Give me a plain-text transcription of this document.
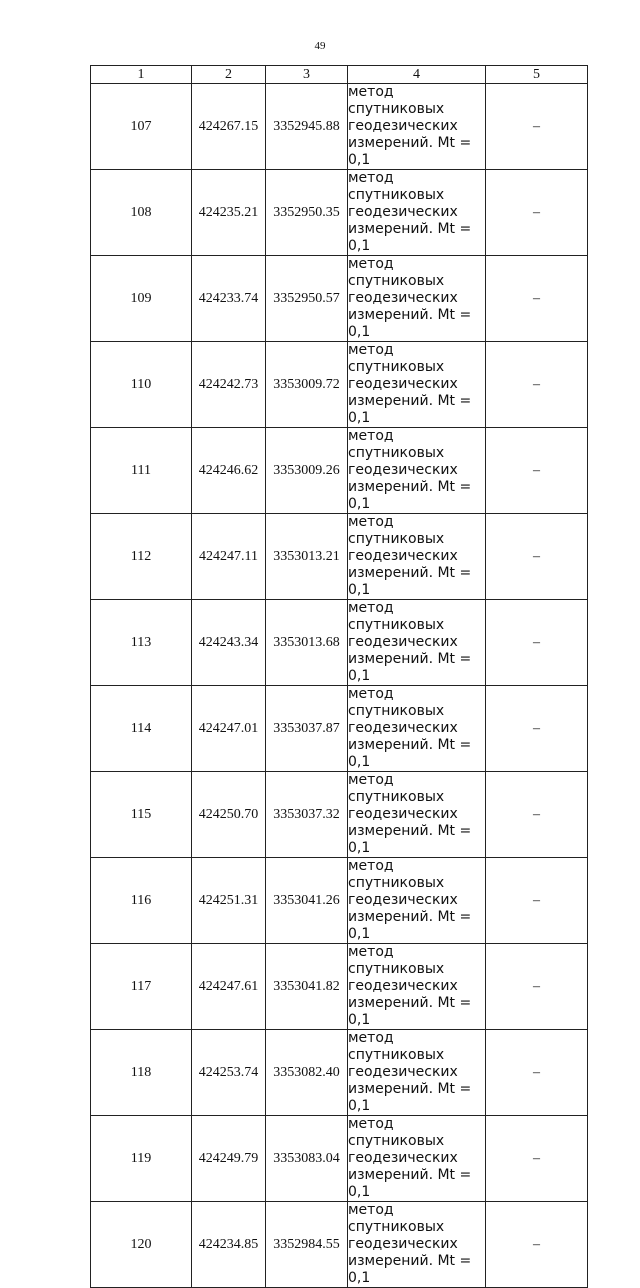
49
1	2	3	4	5
107	424267.15	3352945.88	метод спутниковых
геодезических
измерений. Mt = 0,1	–
108	424235.21	3352950.35	метод спутниковых
геодезических
измерений. Mt = 0,1	–
109	424233.74	3352950.57	метод спутниковых
геодезических
измерений. Mt = 0,1	–
110	424242.73	3353009.72	метод спутниковых
геодезических
измерений. Mt = 0,1	–
111	424246.62	3353009.26	метод спутниковых
геодезических
измерений. Mt = 0,1	–
112	424247.11	3353013.21	метод спутниковых
геодезических
измерений. Mt = 0,1	–
113	424243.34	3353013.68	метод спутниковых
геодезических
измерений. Mt = 0,1	–
114	424247.01	3353037.87	метод спутниковых
геодезических
измерений. Mt = 0,1	–
115	424250.70	3353037.32	метод спутниковых
геодезических
измерений. Mt = 0,1	–
116	424251.31	3353041.26	метод спутниковых
геодезических
измерений. Mt = 0,1	–
117	424247.61	3353041.82	метод спутниковых
геодезических
измерений. Mt = 0,1	–
118	424253.74	3353082.40	метод спутниковых
геодезических
измерений. Mt = 0,1	–
119	424249.79	3353083.04	метод спутниковых
геодезических
измерений. Mt = 0,1	–
120	424234.85	3352984.55	метод спутниковых
геодезических
измерений. Mt = 0,1	–
